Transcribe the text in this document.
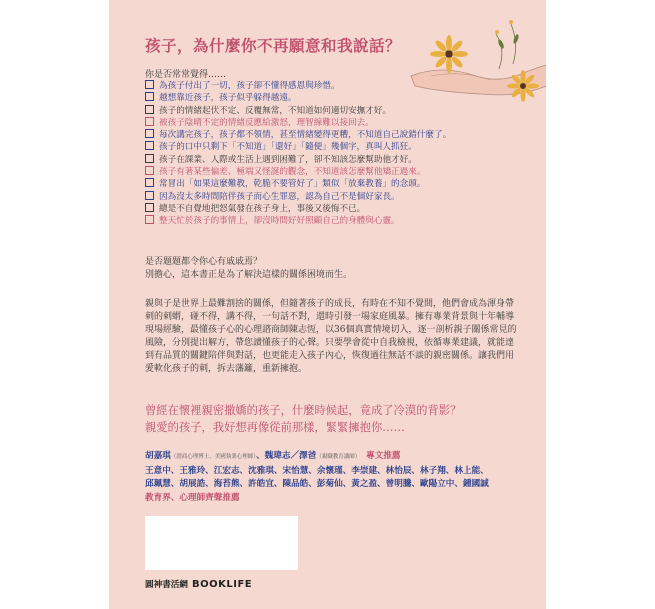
孩子，為什麼你不再願意和我說話？
你是否常常覺得……
為孩子付出了一切，孩子卻不懂得感恩與珍惜。
越想靠近孩子，孩子似乎躲得越遠。
孩子的情緒起伏不定、反覆無常，不知道如何適切安撫才好。
被孩子陰晴不定的情緒反應給激怒，理智線難以接回去。
每次講完孩子，孩子都不領情，甚至情緒變得更糟，不知道自己說錯什麼了。
孩子的口中只剩下「不知道」「還好」「隨便」幾個字，真叫人抓狂。
孩子在課業、人際或生活上遇到困難了，卻不知該怎麼幫助他才好。
孩子有著某些偏差、極端又怪誕的觀念，不知道該怎麼幫他矯正過來。
常冒出「如果這麼難教，乾脆不要管好了」類似「放棄教養」的念頭。
因為沒太多時間陪伴孩子而心生罪惡，認為自己不是個好家長。
總是不自覺地把怒氣發在孩子身上，事後又後悔不已。
整天忙於孩子的事情上，卻沒時間好好照顧自己的身體與心靈。
是否題題都令你心有戚戚焉？
別擔心，這本書正是為了解決這樣的關係困境而生。

親與子是世界上最難割捨的關係，但隨著孩子的成長，有時在不知不覺間，他們會成為渾身帶刺的刺蝟，碰不得，講不得，一句話不對，還時引發一場家庭風暴。擁有專業背景與十年輔導現場經驗，最懂孩子心的心理諮商師陳志恆，以36個真實情境切入，逐一剖析親子關係常見的風險，分別提出解方，帶您讀懂孩子的心聲。只要學會從中自我檢視，依循專業建議，就能達到有品質的關鍵陪伴與對話，也更能走入孩子內心，恢復過往無話不談的親密關係。讓我們用愛軟化孩子的刺，拆去藩籬，重新擁抱。

曾經在懷裡親密撒嬌的孩子，什麼時候起，竟成了冷漠的背影？
親愛的孩子，我好想再像從前那樣，緊緊擁抱你……
胡嘉琪（諮商心理博士、美國執業心理師）、魏瑋志／澤爸（親職教育講師）　 專文推薦
王意中、王雅玲、江宏志、沈雅琪、宋怡慧、余懷瑾、李崇建、林怡辰、林子翔、林上能、
邱珮慧、胡展誥、海苔熊、許皓宜、陳品皓、彭菊仙、黃之盈、曾明騰、歐陽立中、鍾國誠
教育界、心理師齊聲推薦
圓神書活網 BOOKLIFE
